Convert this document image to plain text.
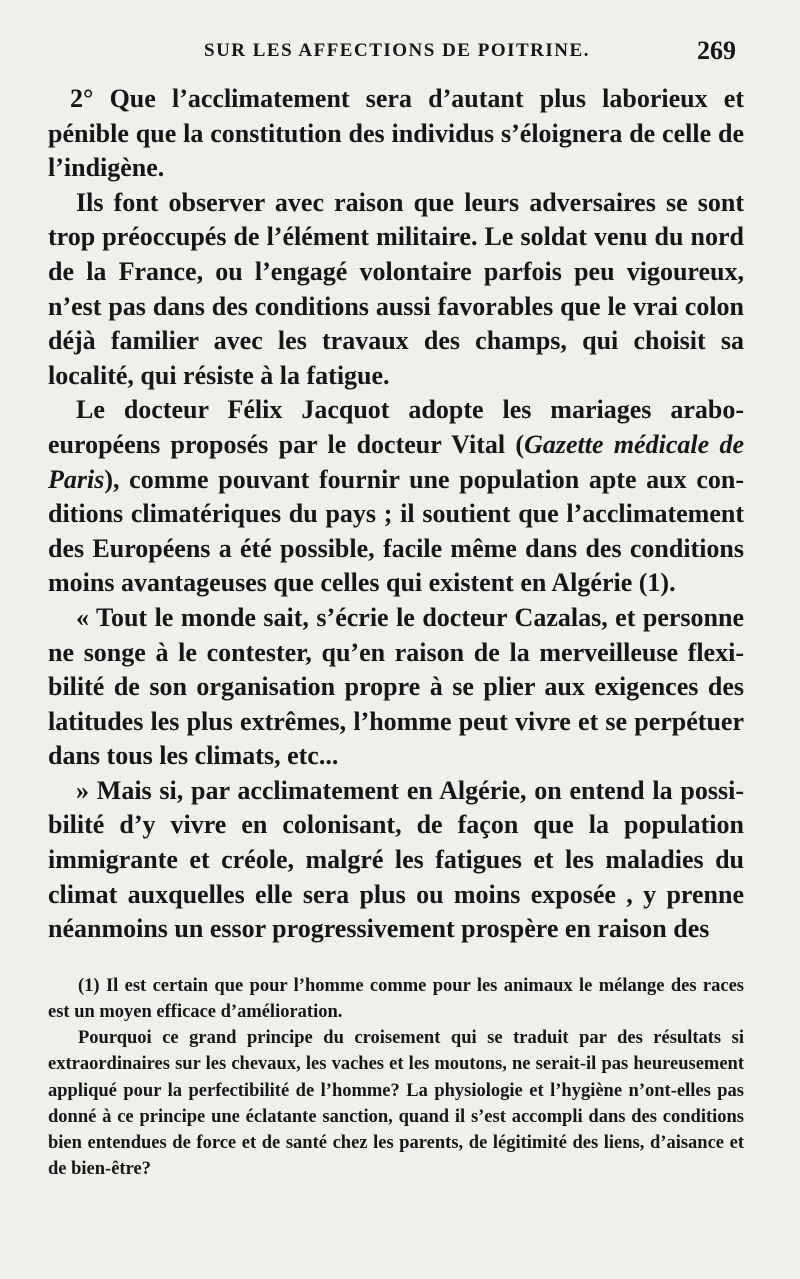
SUR LES AFFECTIONS DE POITRINE.	269

2° Que l’acclimatement sera d’autant plus laborieux et pénible que la constitution des individus s’éloignera de celle de l’indigène.

Ils font observer avec raison que leurs adversaires se sont trop préoccupés de l’élément militaire. Le soldat venu du nord de la France, ou l’engagé volontaire parfois peu vigoureux, n’est pas dans des conditions aussi favorables que le vrai colon déjà familier avec les travaux des champs, qui choisit sa localité, qui résiste à la fatigue.

Le docteur Félix Jacquot adopte les mariages arabo-européens proposés par le docteur Vital (Gazette médicale de Paris), comme pouvant fournir une population apte aux conditions climatériques du pays ; il soutient que l’acclimatement des Européens a été possible, facile même dans des conditions moins avantageuses que celles qui existent en Algérie (1).

« Tout le monde sait, s’écrie le docteur Cazalas, et personne ne songe à le contester, qu’en raison de la merveilleuse flexibilité de son organisation propre à se plier aux exigences des latitudes les plus extrêmes, l’homme peut vivre et se perpétuer dans tous les climats, etc...

» Mais si, par acclimatement en Algérie, on entend la possibilité d’y vivre en colonisant, de façon que la population immigrante et créole, malgré les fatigues et les maladies du climat auxquelles elle sera plus ou moins exposée , y prenne néanmoins un essor progressivement prospère en raison des

(1) Il est certain que pour l’homme comme pour les animaux le mélange des races est un moyen efficace d’amélioration.

Pourquoi ce grand principe du croisement qui se traduit par des résultats si extraordinaires sur les chevaux, les vaches et les moutons, ne serait-il pas heureusement appliqué pour la perfectibilité de l’homme? La physiologie et l’hygiène n’ont-elles pas donné à ce principe une éclatante sanction, quand il s’est accompli dans des conditions bien entendues de force et de santé chez les parents, de légitimité des liens, d’aisance et de bien-être?
